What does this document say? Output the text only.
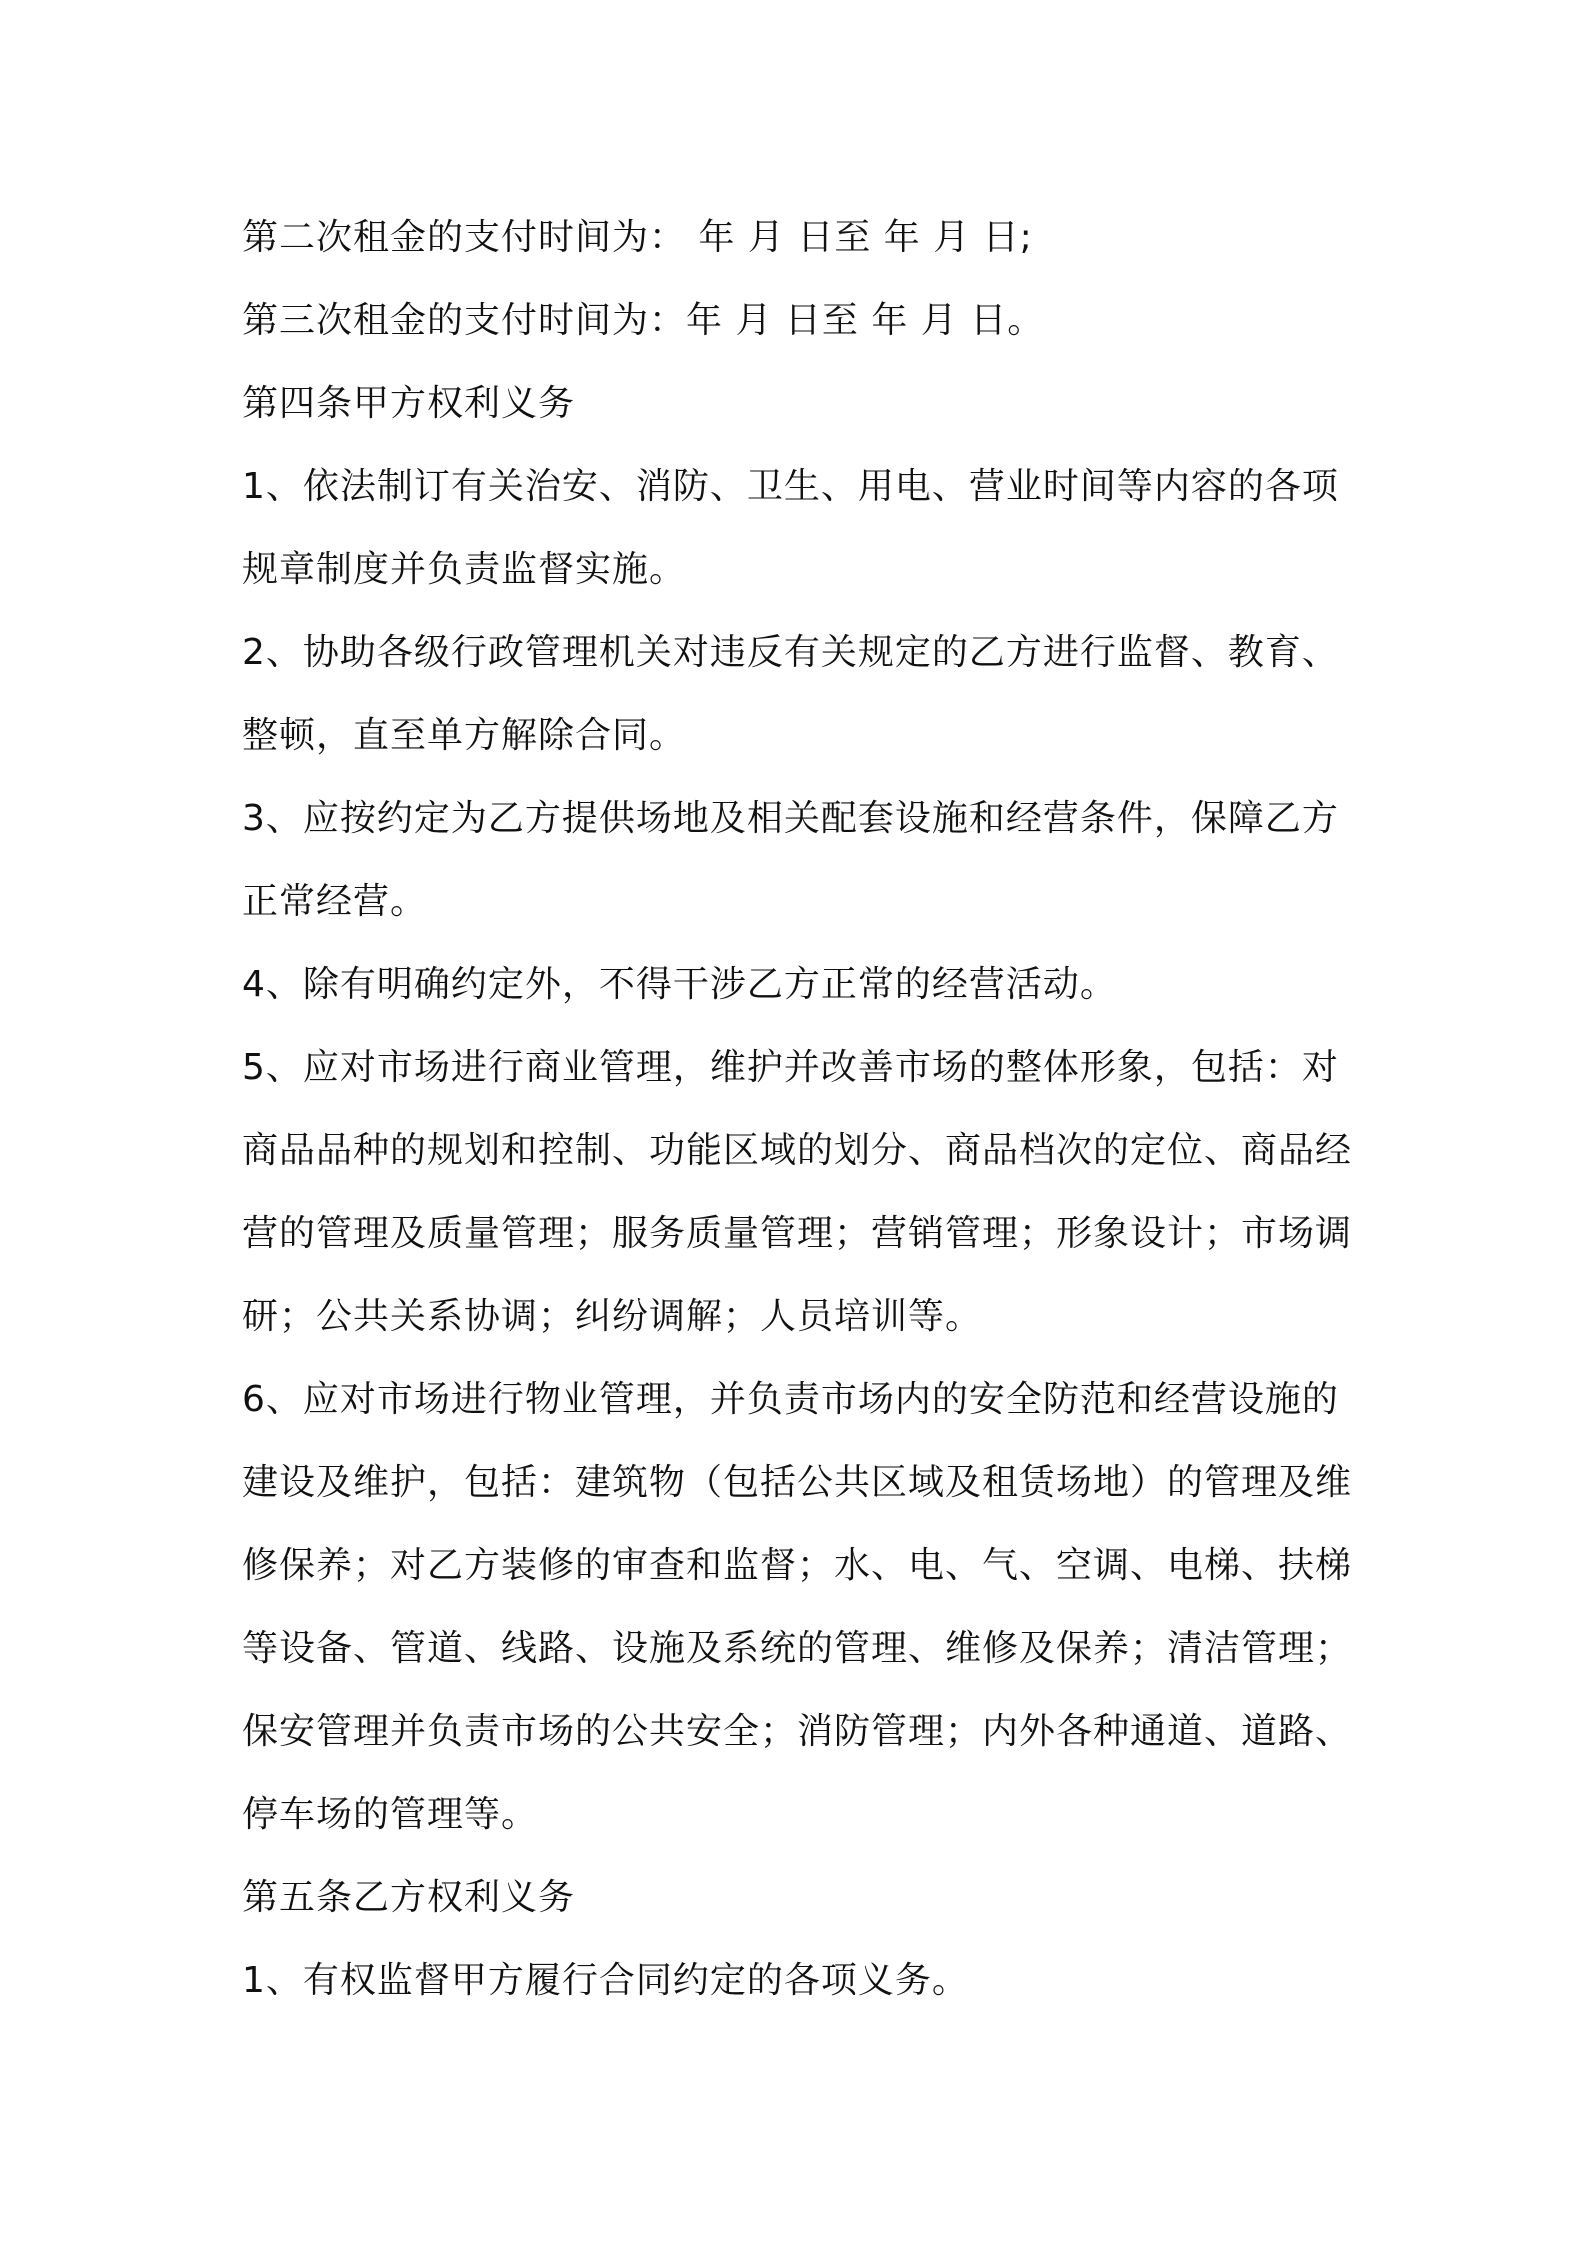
第二次租金的支付时间为： 年 月 日至 年 月 日;
第三次租金的支付时间为：年 月 日至 年 月 日。
第四条甲方权利义务
1、依法制订有关治安、消防、卫生、用电、营业时间等内容的各项
规章制度并负责监督实施。
2、协助各级行政管理机关对违反有关规定的乙方进行监督、教育、
整顿，直至单方解除合同。
3、应按约定为乙方提供场地及相关配套设施和经营条件，保障乙方
正常经营。
4、除有明确约定外，不得干涉乙方正常的经营活动。
5、应对市场进行商业管理，维护并改善市场的整体形象，包括：对
商品品种的规划和控制、功能区域的划分、商品档次的定位、商品经
营的管理及质量管理；服务质量管理；营销管理；形象设计；市场调
研；公共关系协调；纠纷调解；人员培训等。
6、应对市场进行物业管理，并负责市场内的安全防范和经营设施的
建设及维护，包括：建筑物（包括公共区域及租赁场地）的管理及维
修保养；对乙方装修的审查和监督；水、电、气、空调、电梯、扶梯
等设备、管道、线路、设施及系统的管理、维修及保养；清洁管理；
保安管理并负责市场的公共安全；消防管理；内外各种通道、道路、
停车场的管理等。
第五条乙方权利义务
1、有权监督甲方履行合同约定的各项义务。
